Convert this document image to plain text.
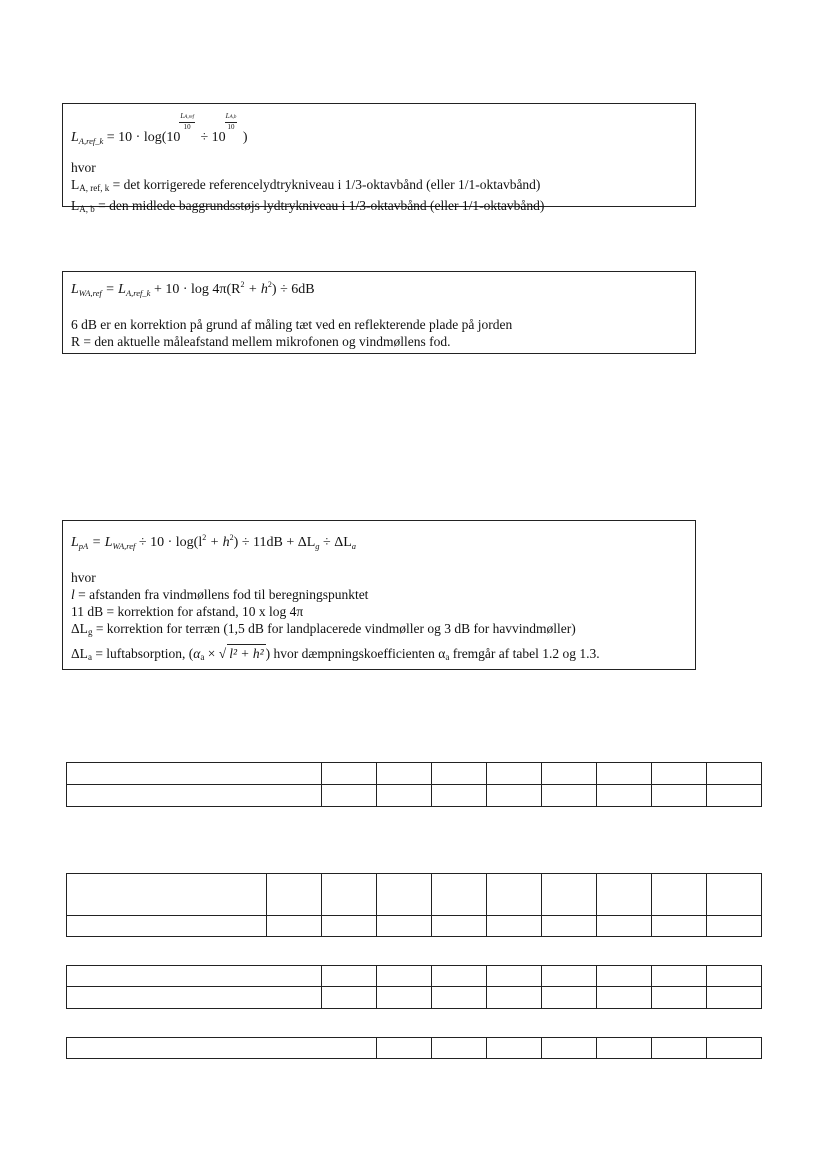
$L_{A,ref\_k} = 10 \cdot \log(10$
$\frac{\text{LA,ref}}{10}$
÷ 10
$\frac{LA,b}{10}$
)
hvor
LA, ref, k = det korrigerede referencelydtrykniveau i 1/3-oktavbånd (eller 1/1-oktavbånd)
LA, b = den midlede baggrundsstøjs lydtrykniveau i 1/3-oktavbånd (eller 1/1-oktavbånd)
$L_{WA,ref} = L_{A,ref\_k} + 10 \cdot \log 4\pi(R^2 + h^2) \div 6dB$
6 dB er en korrektion på grund af måling tæt ved en reflekterende plade på jorden
R = den aktuelle måleafstand mellem mikrofonen og vindmøllens fod.
$L_{pA} = L_{WA,ref} \div 10 \cdot \log(l^2 + h^2) \div 11dB + \Delta L_g \div \Delta L_a$
hvor
l = afstanden fra vindmøllens fod til beregningspunktet
11 dB = korrektion for afstand, 10 x log 4π
ΔLg = korrektion for terræn (1,5 dB for landplacerede vindmøller og 3 dB for havvindmøller)
ΔLa = luftabsorption, (αa × √ l² + h² ) hvor dæmpningskoefficienten αa fremgår af tabel 1.2 og 1.3.
